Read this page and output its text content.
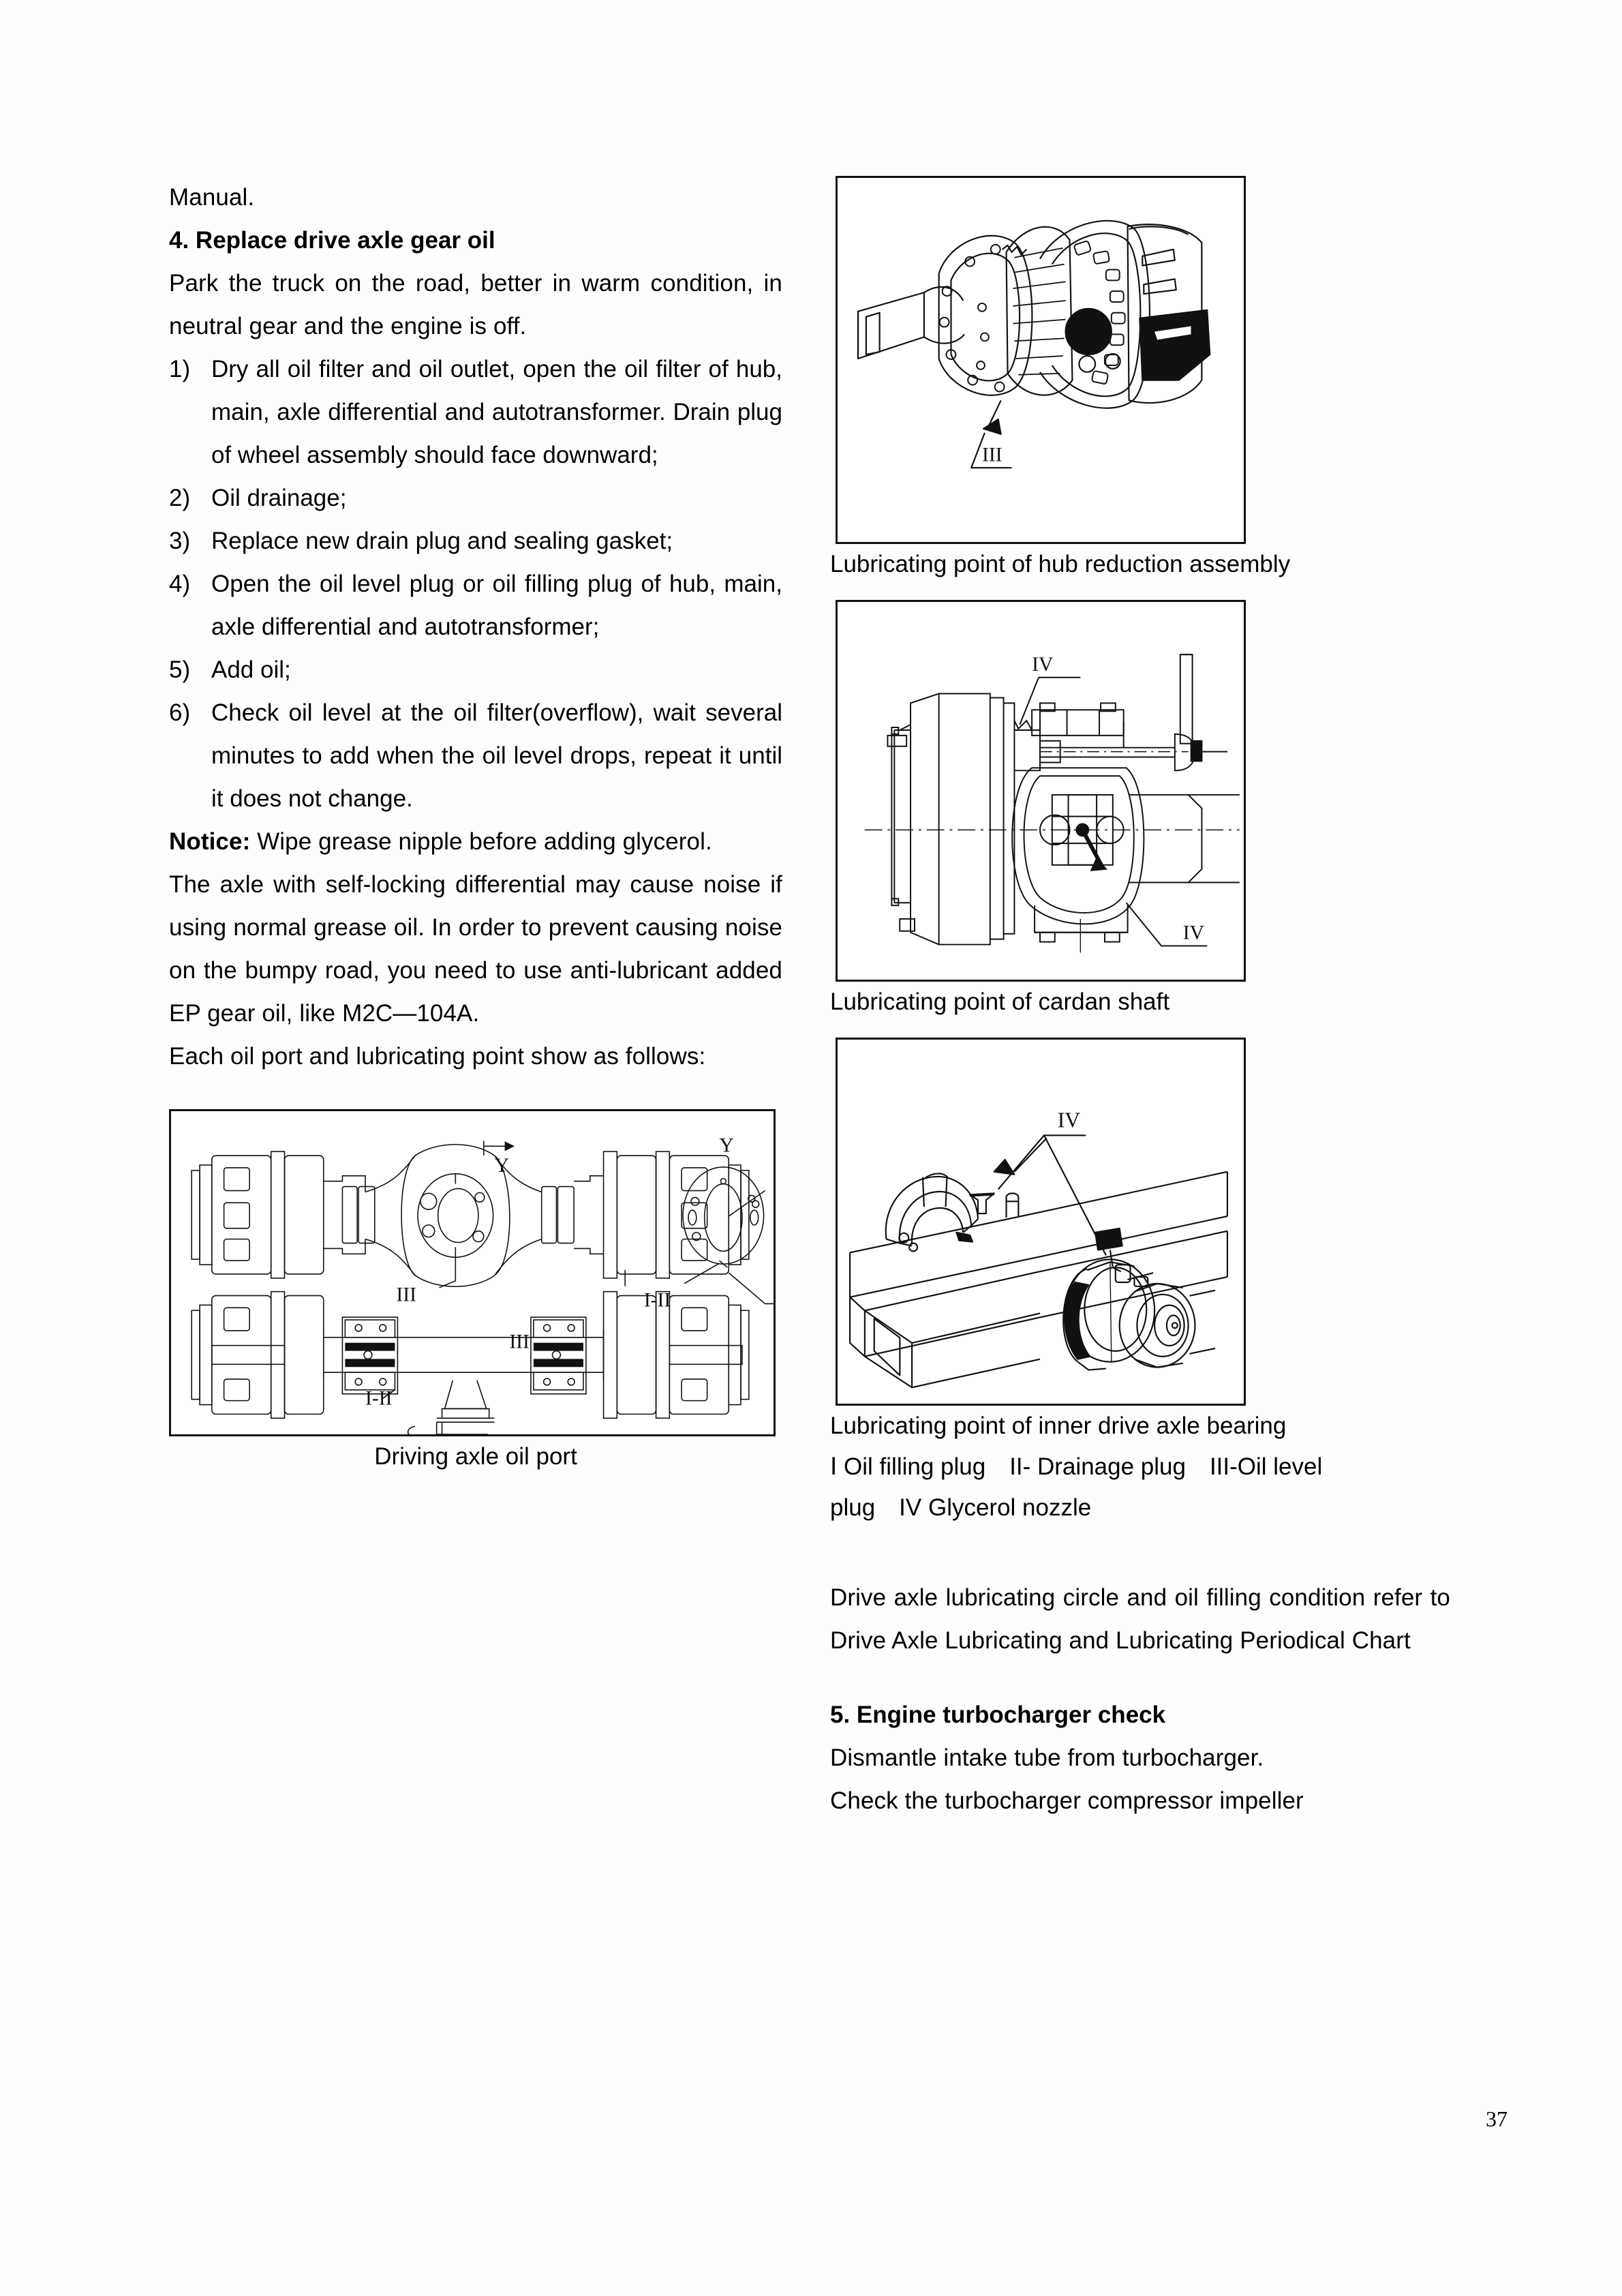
Manual.

4. Replace drive axle gear oil

Park the truck on the road, better in warm condition, in neutral gear and the engine is off.

1) Dry all oil filter and oil outlet, open the oil filter of hub, main, axle differential and autotransformer. Drain plug of wheel assembly should face downward;
2) Oil drainage;
3) Replace new drain plug and sealing gasket;
4) Open the oil level plug or oil filling plug of hub, main, axle differential and autotransformer;
5) Add oil;
6) Check oil level at the oil filter(overflow), wait several minutes to add when the oil level drops, repeat it until it does not change.

Notice: Wipe grease nipple before adding glycerol.

The axle with self-locking differential may cause noise if using normal grease oil. In order to prevent causing noise on the bumpy road, you need to use anti-lubricant added EP gear oil, like M2C—104A.

Each oil port and lubricating point show as follows:

III
III
I-II
Y
Y
I-II

Driving axle oil port

III

Lubricating point of hub reduction assembly

IV
IV

Lubricating point of cardan shaft

IV

Lubricating point of inner drive axle bearing

Ⅰ Oil filling plug II- Drainage plug III-Oil level

plug IV Glycerol nozzle

Drive axle lubricating circle and oil filling condition refer to Drive Axle Lubricating and Lubricating Periodical Chart

5. Engine turbocharger check

Dismantle intake tube from turbocharger.

Check the turbocharger compressor impeller

37
